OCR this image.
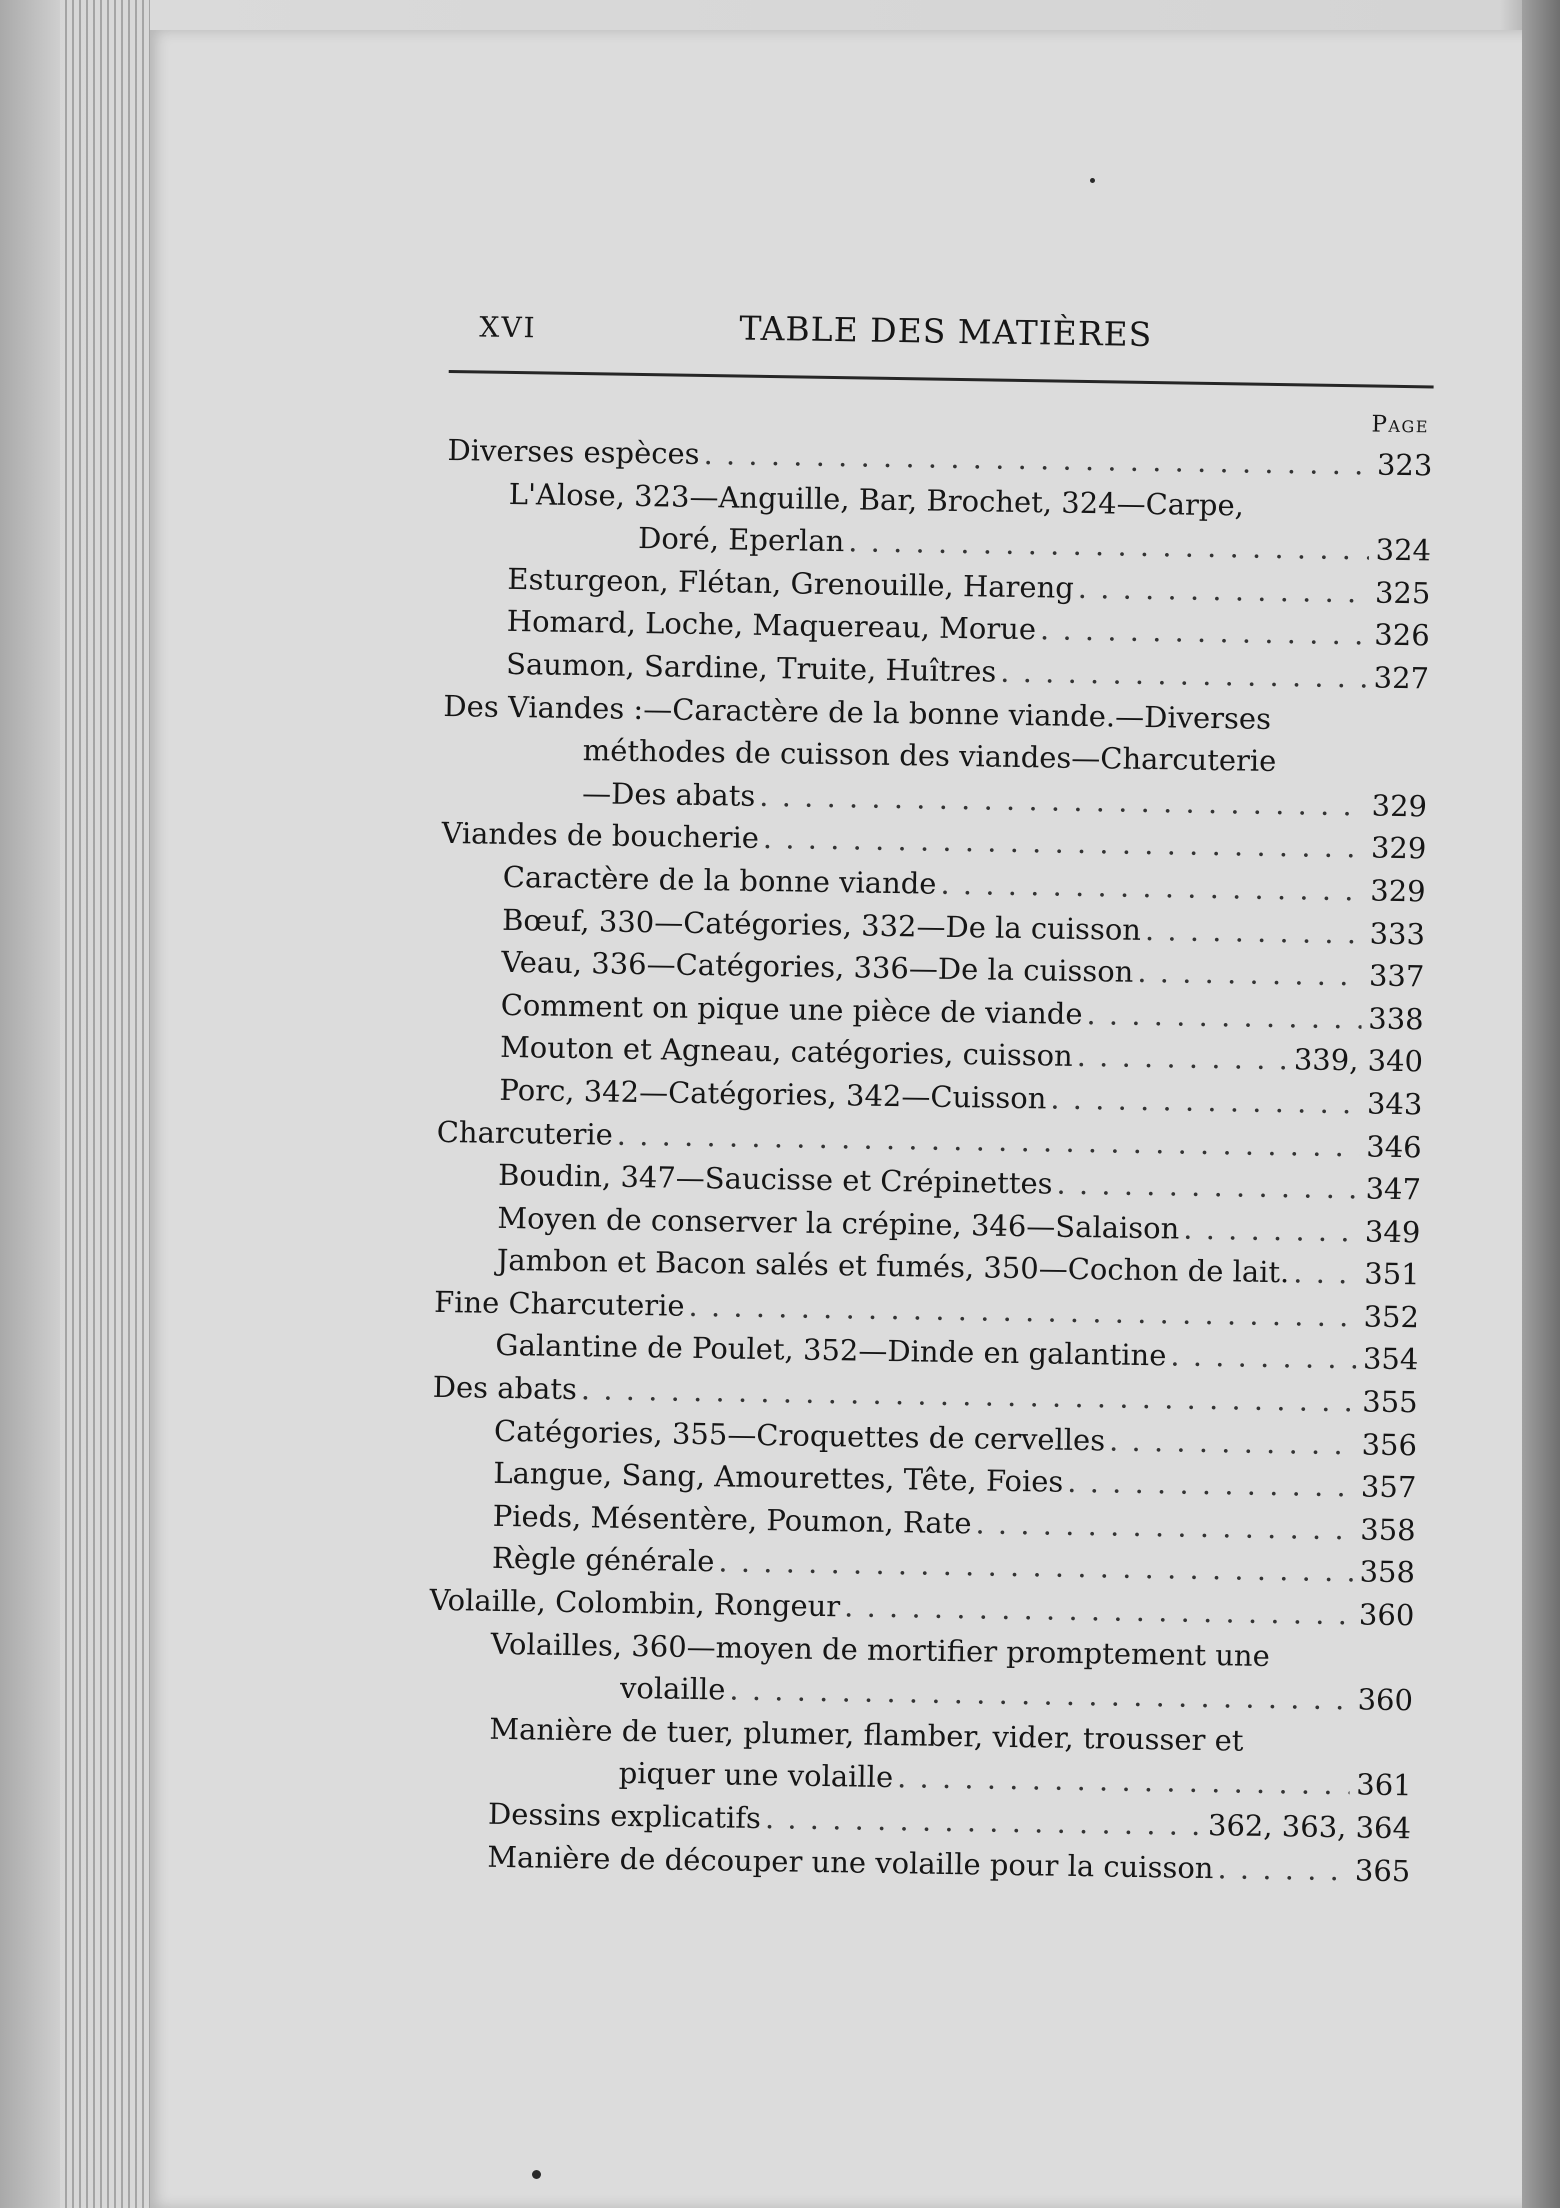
XVI	TABLE DES MATIÈRES
Page
Diverses espèces . . .	323
L'Alose, 323—Anguille, Bar, Brochet, 324—Carpe,
Doré, Eperlan . . .	324
Esturgeon, Flétan, Grenouille, Hareng . . .	325
Homard, Loche, Maquereau, Morue . . .	326
Saumon, Sardine, Truite, Huîtres . . .	327
Des Viandes :—Caractère de la bonne viande.—Diverses
méthodes de cuisson des viandes—Charcuterie
—Des abats . . .	329
Viandes de boucherie . . .	329
Caractère de la bonne viande . . .	329
Bœuf, 330—Catégories, 332—De la cuisson . . .	333
Veau, 336—Catégories, 336—De la cuisson . . .	337
Comment on pique une pièce de viande . . .	338
Mouton et Agneau, catégories, cuisson . . .	339, 340
Porc, 342—Catégories, 342—Cuisson . . .	343
Charcuterie . . .	346
Boudin, 347—Saucisse et Crépinettes . . .	347
Moyen de conserver la crépine, 346—Salaison . . .	349
Jambon et Bacon salés et fumés, 350—Cochon de lait. . . .	351
Fine Charcuterie . . .	352
Galantine de Poulet, 352—Dinde en galantine . . .	354
Des abats . . .	355
Catégories, 355—Croquettes de cervelles . . .	356
Langue, Sang, Amourettes, Tête, Foies . . .	357
Pieds, Mésentère, Poumon, Rate . . .	358
Règle générale . . .	358
Volaille, Colombin, Rongeur . . .	360
Volailles, 360—moyen de mortifier promptement une
volaille . . .	360
Manière de tuer, plumer, flamber, vider, trousser et
piquer une volaille . . .	361
Dessins explicatifs . . .	362, 363, 364
Manière de découper une volaille pour la cuisson . . .	365
